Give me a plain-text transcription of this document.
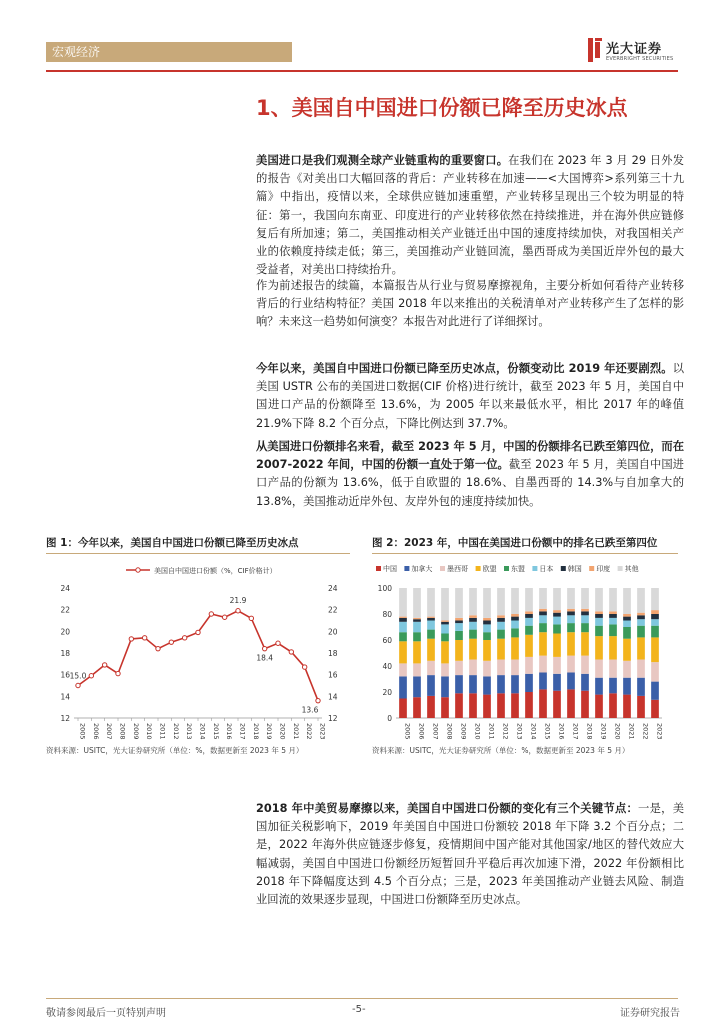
宏观经济	光大证券
EVERBRIGHT SECURITIES
1、美国自中国进口份额已降至历史冰点

美国进口是我们观测全球产业链重构的重要窗口。在我们在 2023 年 3 月 29 日外发的报告《对美出口大幅回落的背后：产业转移在加速——<大国博弈>系列第三十九篇》中指出，疫情以来，全球供应链加速重塑，产业转移呈现出三个较为明显的特征：第一，我国向东南亚、印度进行的产业转移依然在持续推进，并在海外供应链修复后有所加速；第二，美国推动相关产业链迁出中国的速度持续加快，对我国相关产业的依赖度持续走低；第三，美国推动产业链回流，墨西哥成为美国近岸外包的最大受益者，对美出口持续抬升。

作为前述报告的续篇，本篇报告从行业与贸易摩擦视角，主要分析如何看待产业转移背后的行业结构特征？美国 2018 年以来推出的关税清单对产业转移产生了怎样的影响？未来这一趋势如何演变？本报告对此进行了详细探讨。

今年以来，美国自中国进口份额已降至历史冰点，份额变动比 2019 年还要剧烈。以美国 USTR 公布的美国进口数据(CIF 价格)进行统计，截至 2023 年 5 月，美国自中国进口产品的份额降至 13.6%，为 2005 年以来最低水平，相比 2017 年的峰值 21.9%下降 8.2 个百分点，下降比例达到 37.7%。

从美国进口份额排名来看，截至 2023 年 5 月，中国的份额排名已跌至第四位，而在 2007-2022 年间，中国的份额一直处于第一位。截至 2023 年 5 月，美国自中国进口产品的份额为 13.6%，低于自欧盟的 18.6%、自墨西哥的 14.3%与自加拿大的 13.8%，美国推动近岸外包、友岸外包的速度持续加快。

图 1：今年以来，美国自中国进口份额已降至历史冰点	图 2：2023 年，中国在美国进口份额中的排名已跌至第四位
美国自中国进口份额（%，CIF价格计）
12	12
14	14
16	16
18	18
20	20
22	22
24	24
2005 2006 2007 2008 2009 2010 2011 2012 2013 2014 2015 2016 2017 2018 2019 2020 2021 2022 2023
15.0
21.9
18.4
13.6
中国 加拿大 墨西哥 欧盟 东盟 日本 韩国 印度 其他
0
20
40
60
80
100
2005 2006 2007 2008 2009 2010 2011 2012 2013 2014 2015 2016 2017 2018 2019 2020 2021 2022 2023
资料来源：USITC，光大证券研究所（单位：%，数据更新至 2023 年 5 月）	资料来源：USITC，光大证券研究所（单位：%，数据更新至 2023 年 5 月）

2018 年中美贸易摩擦以来，美国自中国进口份额的变化有三个关键节点：一是，美国加征关税影响下，2019 年美国自中国进口份额较 2018 年下降 3.2 个百分点；二是，2022 年海外供应链逐步修复，疫情期间中国产能对其他国家/地区的替代效应大幅减弱，美国自中国进口份额经历短暂回升平稳后再次加速下滑，2022 年份额相比 2018 年下降幅度达到 4.5 个百分点；三是，2023 年美国推动产业链去风险、制造业回流的效果逐步显现，中国进口份额降至历史冰点。

敬请参阅最后一页特别声明	-5-	证券研究报告
